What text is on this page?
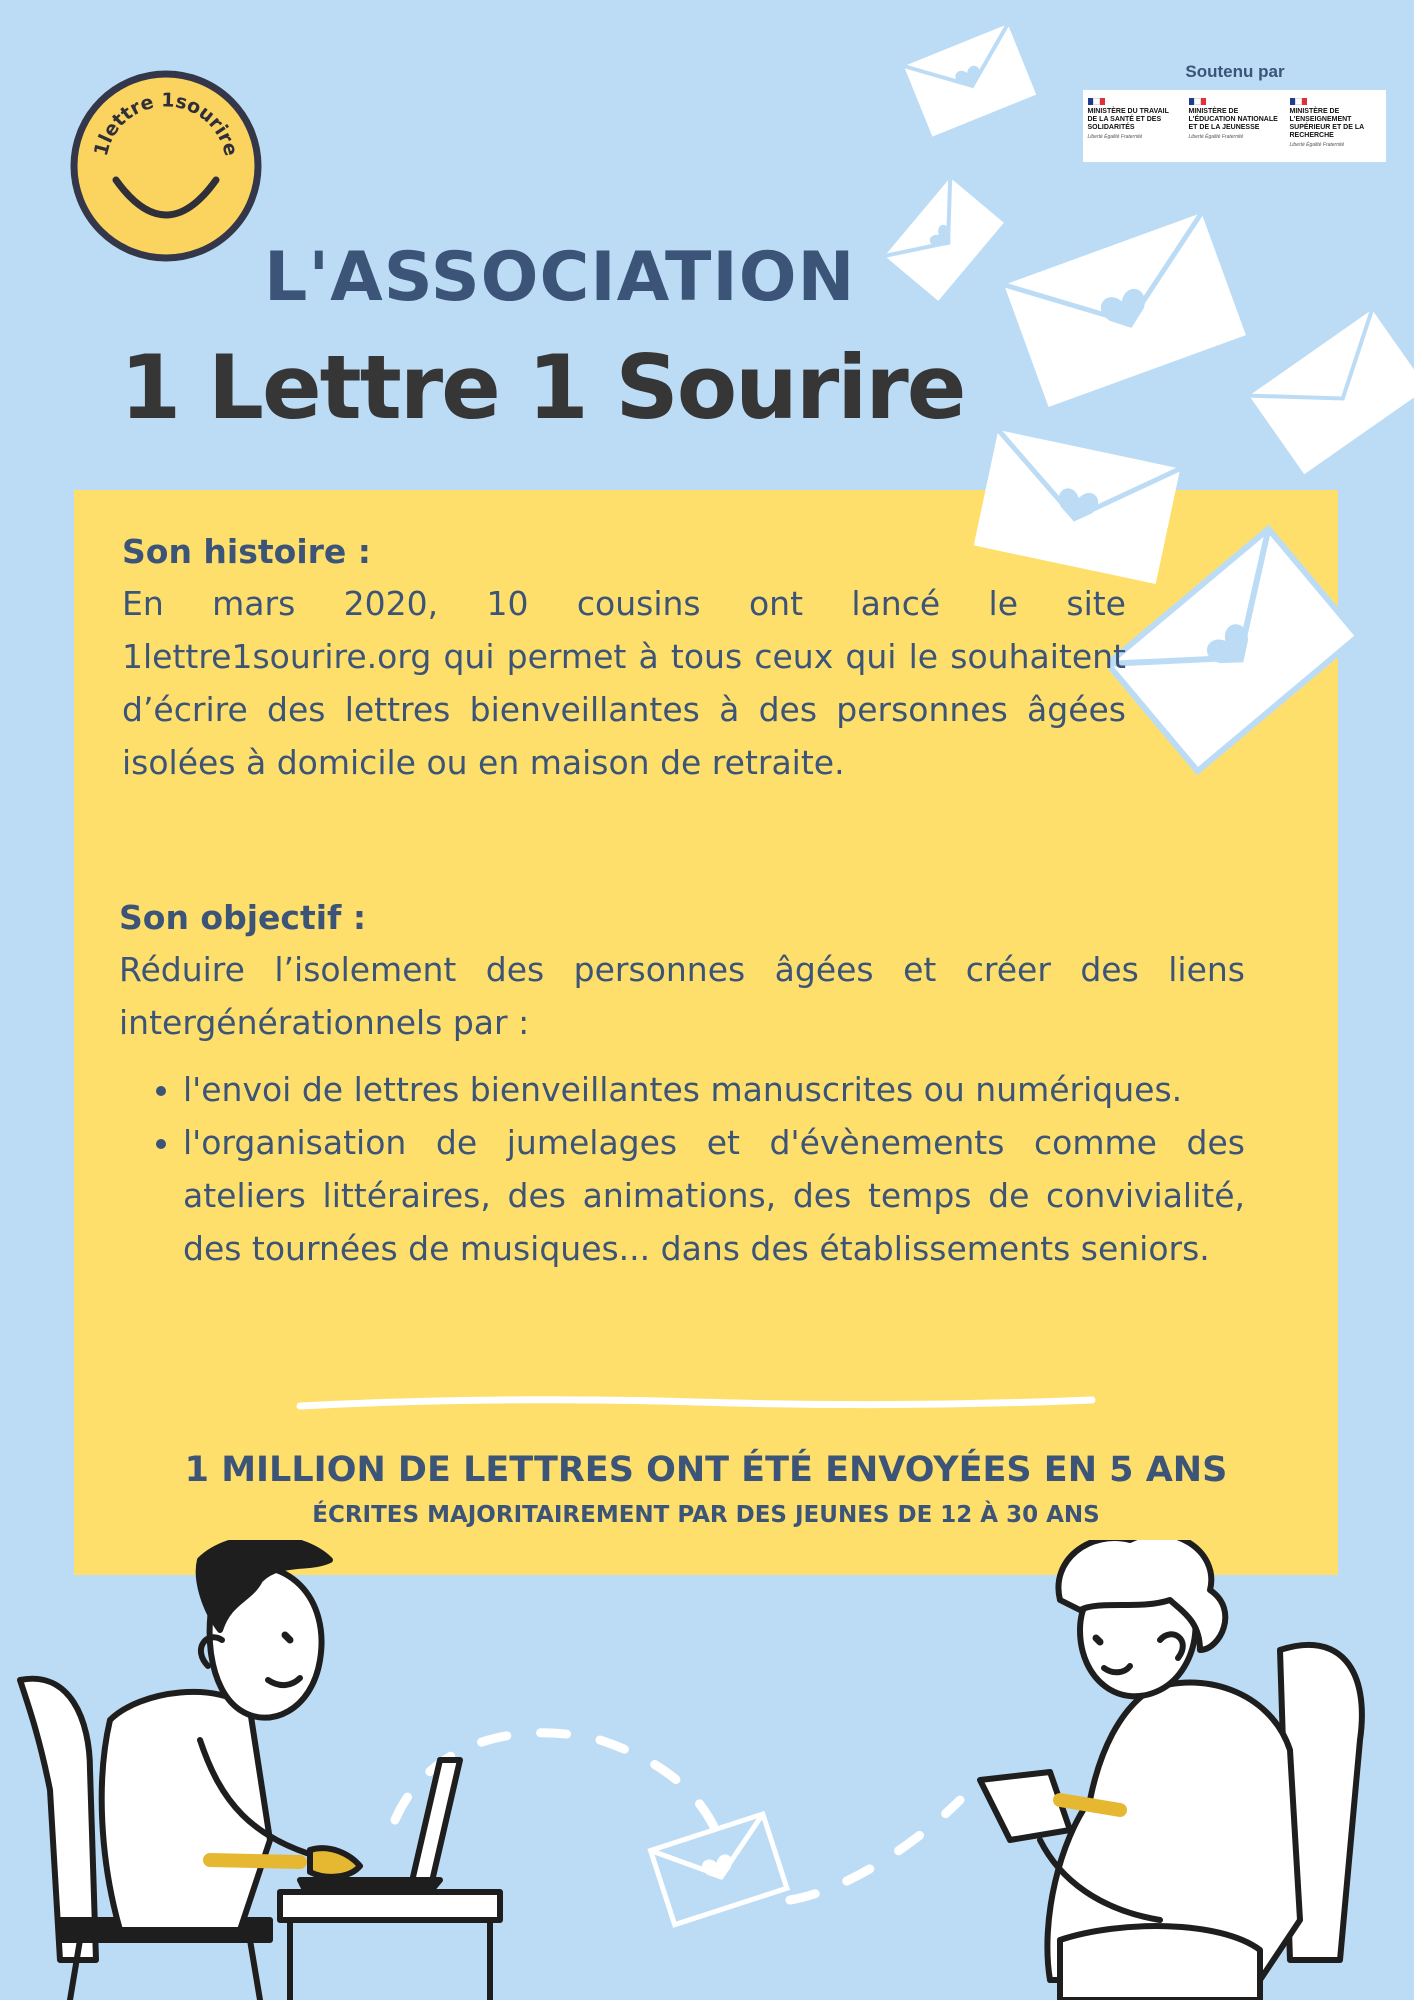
1lettre 1sourire
Soutenu par
MINISTÈRE DU TRAVAIL DE LA SANTÉ ET DES SOLIDARITÉS
Liberté Égalité Fraternité
MINISTÈRE DE L'ÉDUCATION NATIONALE ET DE LA JEUNESSE
Liberté Égalité Fraternité
MINISTÈRE DE L'ENSEIGNEMENT SUPÉRIEUR ET DE LA RECHERCHE
Liberté Égalité Fraternité
L'ASSOCIATION
1 Lettre 1 Sourire
Son histoire :
En mars 2020, 10 cousins ont lancé le site 1lettre1sourire.org qui permet à tous ceux qui le souhaitent d’écrire des lettres bienveillantes à des personnes âgées isolées à domicile ou en maison de retraite.
Son objectif :
Réduire l’isolement des personnes âgées et créer des liens intergénérationnels par :
• l'envoi de lettres bienveillantes manuscrites ou numériques.
• l'organisation de jumelages et d'évènements comme des ateliers littéraires, des animations, des temps de convivialité, des tournées de musiques... dans des établissements seniors.
1 MILLION DE LETTRES ONT ÉTÉ ENVOYÉES EN 5 ANS
ÉCRITES MAJORITAIREMENT PAR DES JEUNES DE 12 À 30 ANS
